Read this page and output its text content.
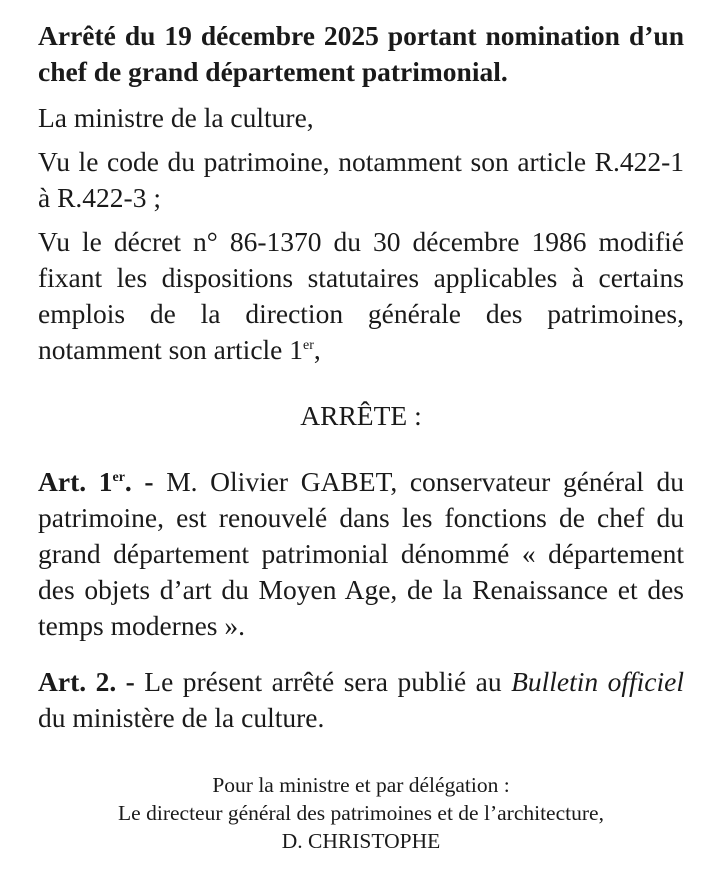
Arrêté du 19 décembre 2025 portant nomination d’un chef de grand département patrimonial.

La ministre de la culture,

Vu le code du patrimoine, notamment son article R.422-1 à R.422-3 ;

Vu le décret n° 86-1370 du 30 décembre 1986 modifié fixant les dispositions statutaires applicables à certains emplois de la direction générale des patrimoines, notamment son article 1er,

ARRÊTE :

Art. 1er. - M. Olivier GABET, conservateur général du patrimoine, est renouvelé dans les fonctions de chef du grand département patrimonial dénommé « département des objets d’art du Moyen Age, de la Renaissance et des temps modernes ».

Art. 2. - Le présent arrêté sera publié au Bulletin officiel du ministère de la culture.

Pour la ministre et par délégation :
Le directeur général des patrimoines et de l’architecture,
D. CHRISTOPHE
